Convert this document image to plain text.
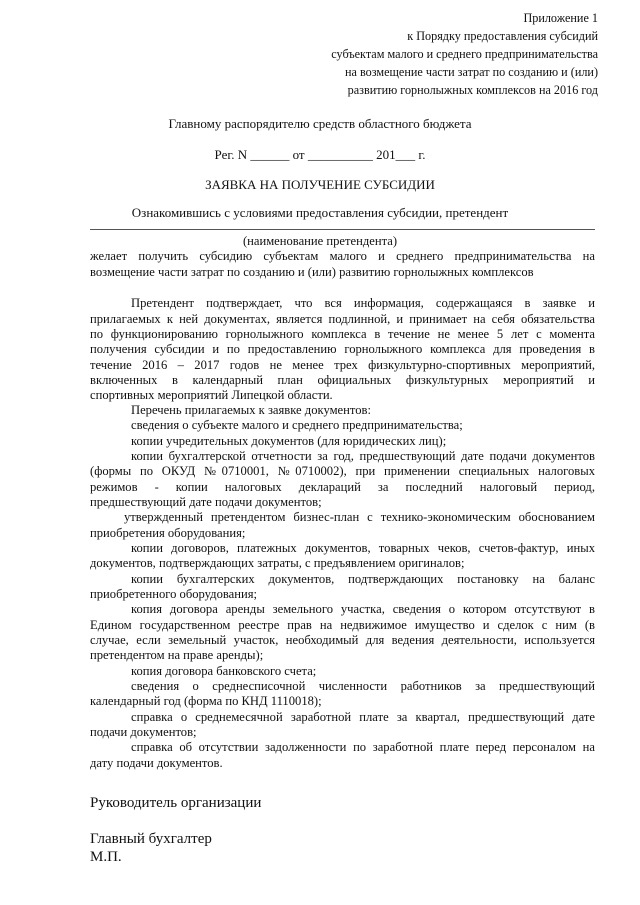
Приложение 1
к Порядку предоставления субсидий
субъектам малого и среднего предпринимательства
на возмещение части затрат по созданию и (или)
развитию горнолыжных комплексов на 2016 год
Главному распорядителю средств областного бюджета
Рег. N ______ от __________ 201___ г.
ЗАЯВКА НА ПОЛУЧЕНИЕ СУБСИДИИ
Ознакомившись с условиями предоставления субсидии, претендент
(наименование претендента)
желает получить субсидию субъектам малого и среднего предпринимательства на
возмещение части затрат по созданию и (или) развитию горнолыжных комплексов
Претендент подтверждает, что вся информация, содержащаяся в заявке и
прилагаемых к ней документах, является подлинной, и принимает на себя обязательства
по функционированию горнолыжного комплекса в течение не менее 5 лет с момента
получения субсидии и по предоставлению горнолыжного комплекса для проведения в
течение 2016 – 2017 годов не менее трех физкультурно-спортивных мероприятий,
включенных в календарный план официальных физкультурных мероприятий и
спортивных мероприятий Липецкой области.
Перечень прилагаемых к заявке документов:
сведения о субъекте малого и среднего предпринимательства;
копии учредительных документов (для юридических лиц);
копии бухгалтерской отчетности за год, предшествующий дате подачи документов
(формы по ОКУД №0710001, №0710002), при применении специальных налоговых
режимов - копии налоговых деклараций за последний налоговый период,
предшествующий дате подачи документов;
утвержденный претендентом бизнес-план с технико-экономическим обоснованием
приобретения оборудования;
копии договоров, платежных документов, товарных чеков, счетов-фактур, иных
документов, подтверждающих затраты, с предъявлением оригиналов;
копии бухгалтерских документов, подтверждающих постановку на баланс
приобретенного оборудования;
копия договора аренды земельного участка, сведения о котором отсутствуют в
Едином государственном реестре прав на недвижимое имущество и сделок с ним (в
случае, если земельный участок, необходимый для ведения деятельности, используется
претендентом на праве аренды);
копия договора банковского счета;
сведения о среднесписочной численности работников за предшествующий
календарный год (форма по КНД 1110018);
справка о среднемесячной заработной плате за квартал, предшествующий дате
подачи документов;
справка об отсутствии задолженности по заработной плате перед персоналом на
дату подачи документов.
Руководитель организации
Главный бухгалтер
М.П.
